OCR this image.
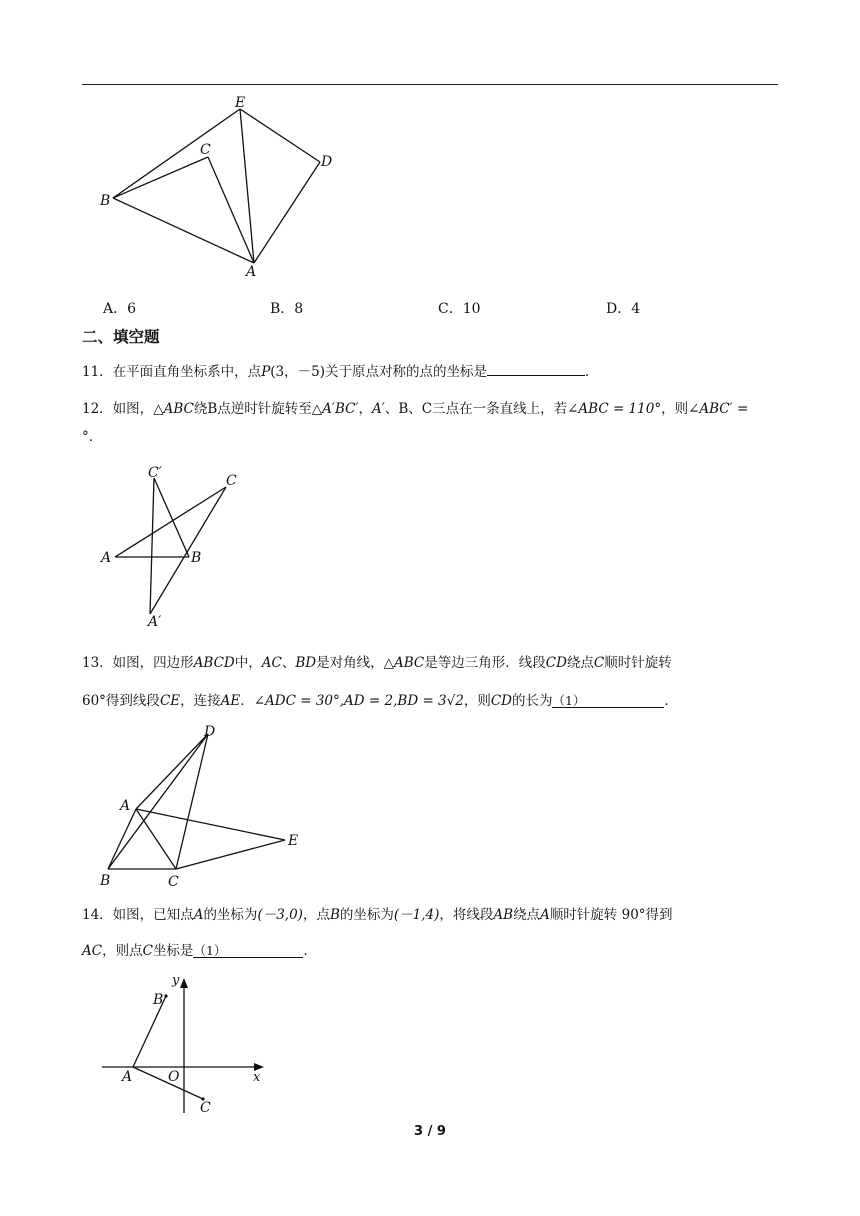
E
C
D
B
A
A．6	B．8	C．10	D．4
二、填空题
11．在平面直角坐标系中，点P(3，－5)关于原点对称的点的坐标是	．
12．如图，△ABC绕B点逆时针旋转至△A′BC′，A′、B、C三点在一条直线上，若∠ABC = 110°，则∠ABC′ =
°．
C′	C
A	B
A′
13．如图，四边形ABCD中，AC、BD是对角线，△ABC是等边三角形．线段CD绕点C顺时针旋转
60°得到线段CE，连接AE．∠ADC = 30°,AD = 2,BD = 3√2，则CD的长为（1）	．
D
A
E
B	C
14．如图，已知点A的坐标为(－3,0)，点B的坐标为(－1,4)，将线段AB绕点A顺时针旋转 90°得到
AC，则点C坐标是（1）	．
y
B
A	O	x
C
3 / 9
